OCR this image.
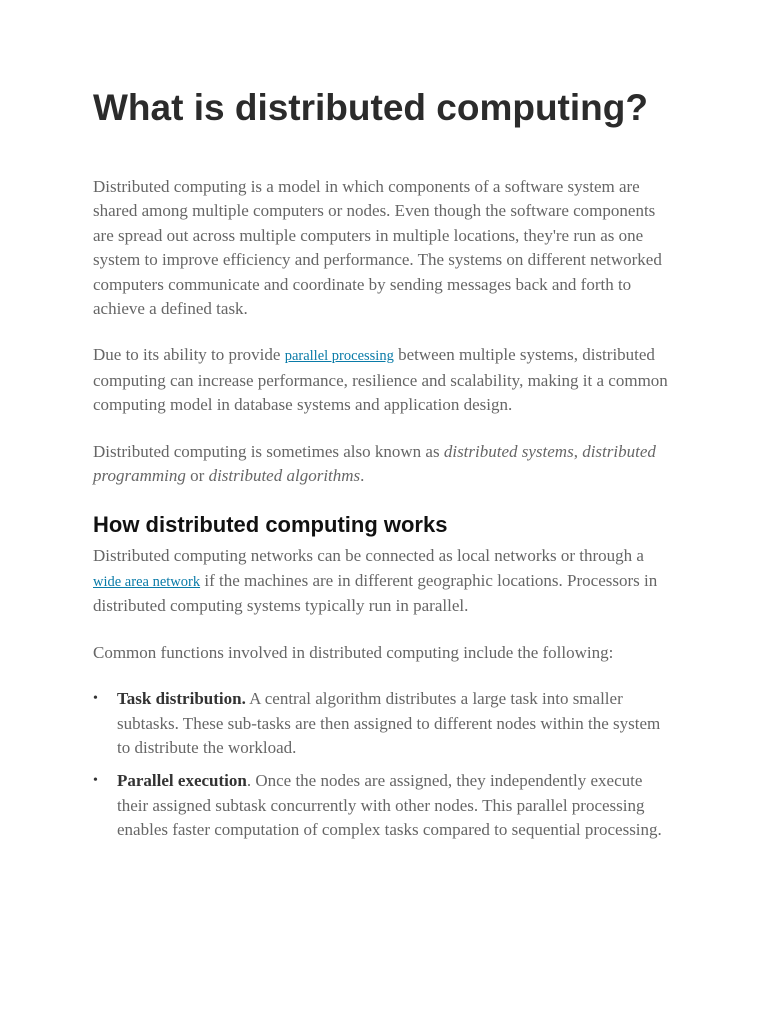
What is distributed computing?

Distributed computing is a model in which components of a software system are shared among multiple computers or nodes. Even though the software components are spread out across multiple computers in multiple locations, they're run as one system to improve efficiency and performance. The systems on different networked computers communicate and coordinate by sending messages back and forth to achieve a defined task.

Due to its ability to provide parallel processing between multiple systems, distributed computing can increase performance, resilience and scalability, making it a common computing model in database systems and application design.

Distributed computing is sometimes also known as distributed systems, distributed programming or distributed algorithms.

How distributed computing works

Distributed computing networks can be connected as local networks or through a wide area network if the machines are in different geographic locations. Processors in distributed computing systems typically run in parallel.

Common functions involved in distributed computing include the following:

• Task distribution. A central algorithm distributes a large task into smaller subtasks. These sub-tasks are then assigned to different nodes within the system to distribute the workload.
• Parallel execution. Once the nodes are assigned, they independently execute their assigned subtask concurrently with other nodes. This parallel processing enables faster computation of complex tasks compared to sequential processing.
